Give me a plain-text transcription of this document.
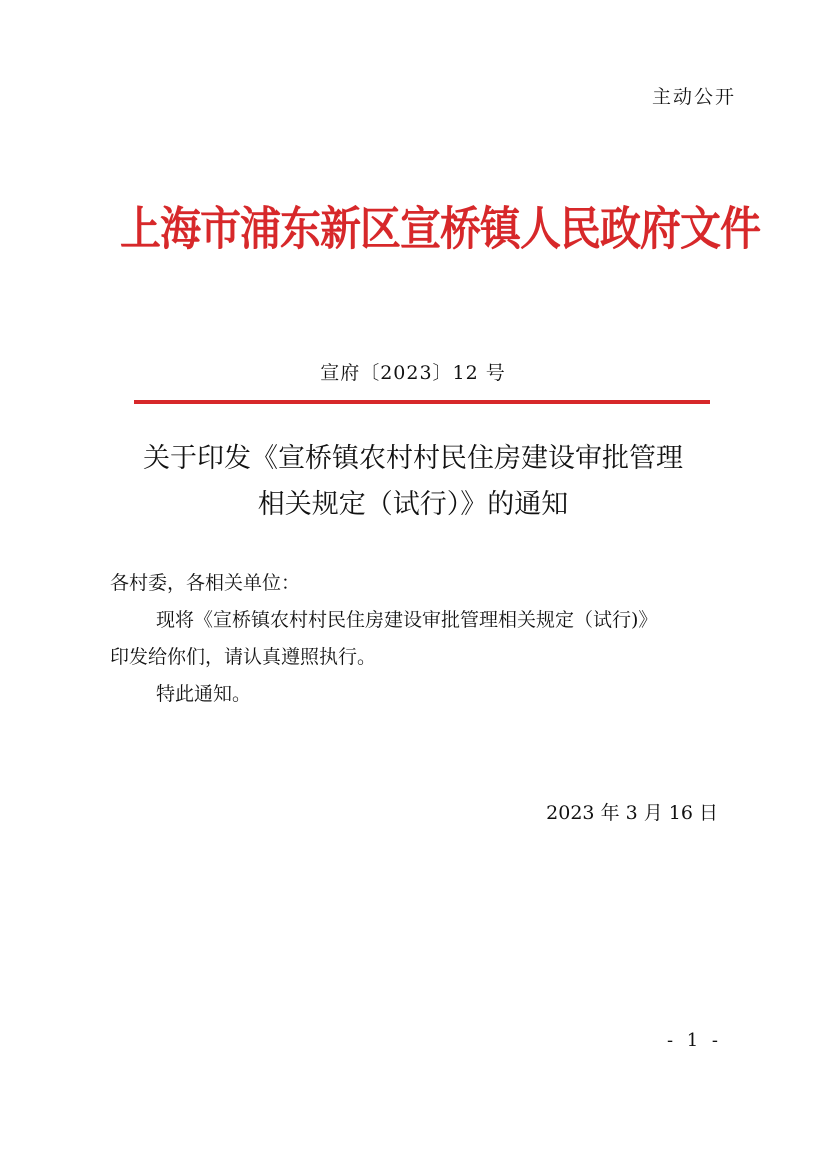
主动公开
上海市浦东新区宣桥镇人民政府文件
宣府〔2023〕12 号
关于印发《宣桥镇农村村民住房建设审批管理
相关规定（试行）》的通知
各村委，各相关单位：
现将《宣桥镇农村村民住房建设审批管理相关规定（试行)》
印发给你们，请认真遵照执行。
特此通知。
2023 年 3 月 16 日
- 1 -
